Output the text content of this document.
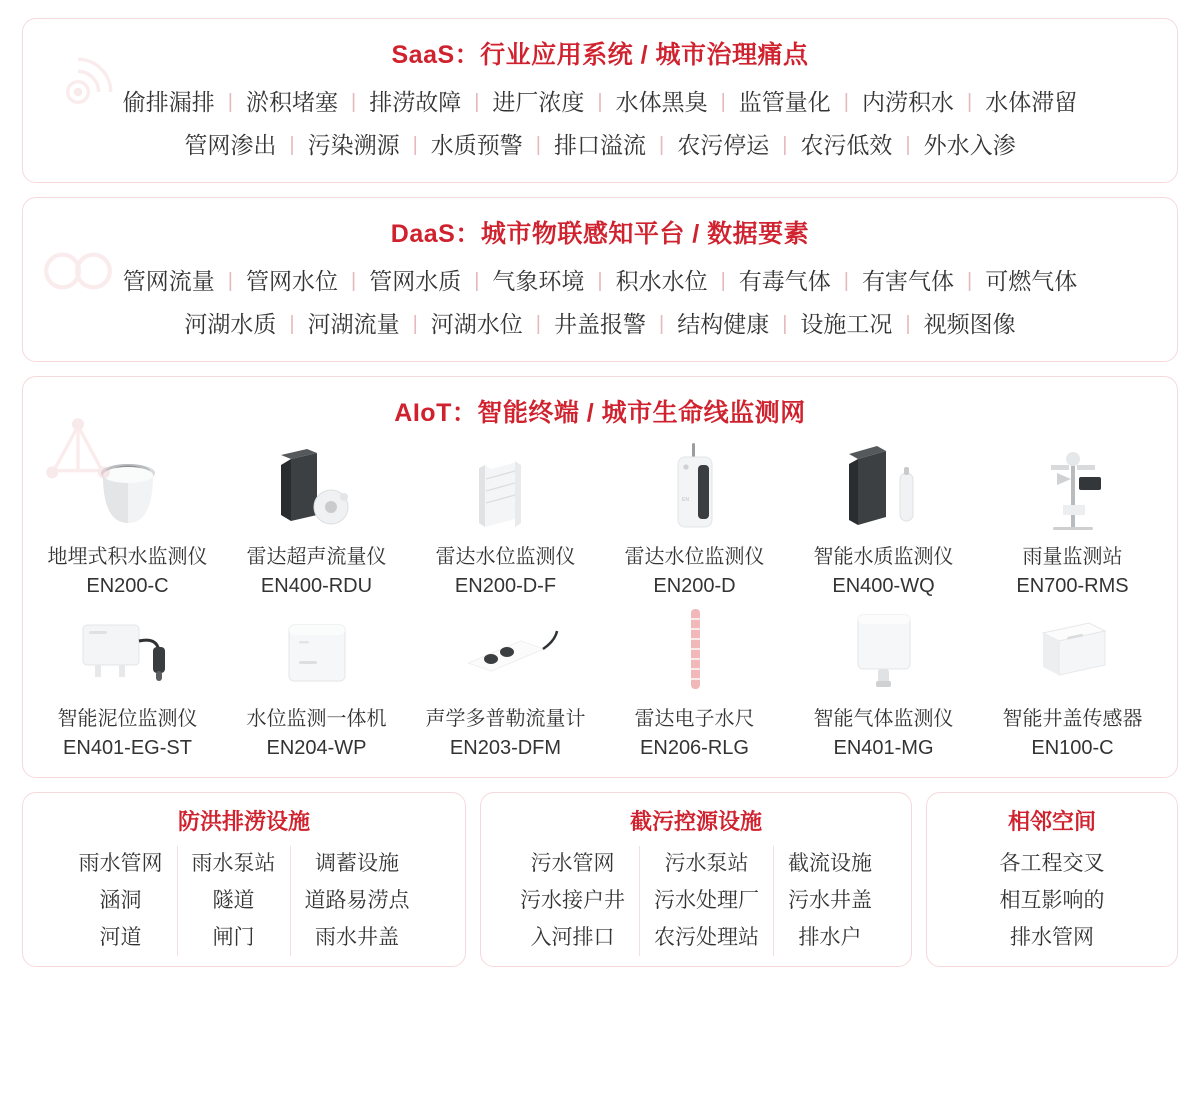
SaaS：行业应用系统 / 城市治理痛点
偷排漏排 | 淤积堵塞 | 排涝故障 | 进厂浓度 | 水体黑臭 | 监管量化 | 内涝积水 | 水体滞留
管网渗出 | 污染溯源 | 水质预警 | 排口溢流 | 农污停运 | 农污低效 | 外水入渗
DaaS：城市物联感知平台 / 数据要素
管网流量 | 管网水位 | 管网水质 | 气象环境 | 积水水位 | 有毒气体 | 有害气体 | 可燃气体
河湖水质 | 河湖流量 | 河湖水位 | 井盖报警 | 结构健康 | 设施工况 | 视频图像
AIoT：智能终端 / 城市生命线监测网
地埋式积水监测仪
EN200-C
雷达超声流量仪
EN400-RDU
雷达水位监测仪
EN200-D-F
EN
雷达水位监测仪
EN200-D
智能水质监测仪
EN400-WQ
雨量监测站
EN700-RMS
智能泥位监测仪
EN401-EG-ST
水位监测一体机
EN204-WP
声学多普勒流量计
EN203-DFM
雷达电子水尺
EN206-RLG
智能气体监测仪
EN401-MG
智能井盖传感器
EN100-C
防洪排涝设施
雨水管网
涵洞
河道
雨水泵站
隧道
闸门
调蓄设施
道路易涝点
雨水井盖
截污控源设施
污水管网
污水接户井
入河排口
污水泵站
污水处理厂
农污处理站
截流设施
污水井盖
排水户
相邻空间
各工程交叉
相互影响的
排水管网
